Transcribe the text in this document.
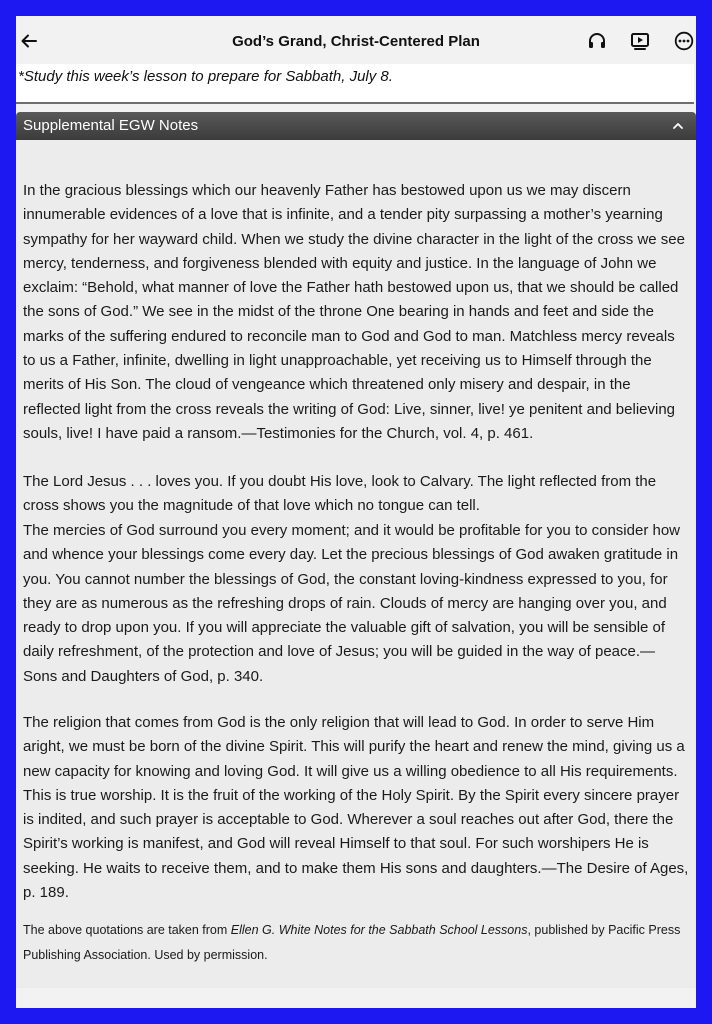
God’s Grand, Christ-Centered Plan
*Study this week’s lesson to prepare for Sabbath, July 8.
Supplemental EGW Notes

In the gracious blessings which our heavenly Father has bestowed upon us we may discern innumerable evidences of a love that is infinite, and a tender pity surpassing a mother’s yearning sympathy for her wayward child. When we study the divine character in the light of the cross we see mercy, tenderness, and forgiveness blended with equity and justice. In the language of John we exclaim: “Behold, what manner of love the Father hath bestowed upon us, that we should be called the sons of God.” We see in the midst of the throne One bearing in hands and feet and side the marks of the suffering endured to reconcile man to God and God to man. Matchless mercy reveals to us a Father, infinite, dwelling in light unapproachable, yet receiving us to Himself through the merits of His Son. The cloud of vengeance which threatened only misery and despair, in the reflected light from the cross reveals the writing of God: Live, sinner, live! ye penitent and believing souls, live! I have paid a ransom.—Testimonies for the Church, vol. 4, p. 461.

The Lord Jesus . . . loves you. If you doubt His love, look to Calvary. The light reflected from the cross shows you the magnitude of that love which no tongue can tell.

The mercies of God surround you every moment; and it would be profitable for you to consider how and whence your blessings come every day. Let the precious blessings of God awaken gratitude in you. You cannot number the blessings of God, the constant loving-kindness expressed to you, for they are as numerous as the refreshing drops of rain. Clouds of mercy are hanging over you, and ready to drop upon you. If you will appreciate the valuable gift of salvation, you will be sensible of daily refreshment, of the protection and love of Jesus; you will be guided in the way of peace.—Sons and Daughters of God, p. 340.

The religion that comes from God is the only religion that will lead to God. In order to serve Him aright, we must be born of the divine Spirit. This will purify the heart and renew the mind, giving us a new capacity for knowing and loving God. It will give us a willing obedience to all His requirements. This is true worship. It is the fruit of the working of the Holy Spirit. By the Spirit every sincere prayer is indited, and such prayer is acceptable to God. Wherever a soul reaches out after God, there the Spirit’s working is manifest, and God will reveal Himself to that soul. For such worshipers He is seeking. He waits to receive them, and to make them His sons and daughters.—The Desire of Ages, p. 189.

The above quotations are taken from Ellen G. White Notes for the Sabbath School Lessons, published by Pacific Press Publishing Association. Used by permission.
